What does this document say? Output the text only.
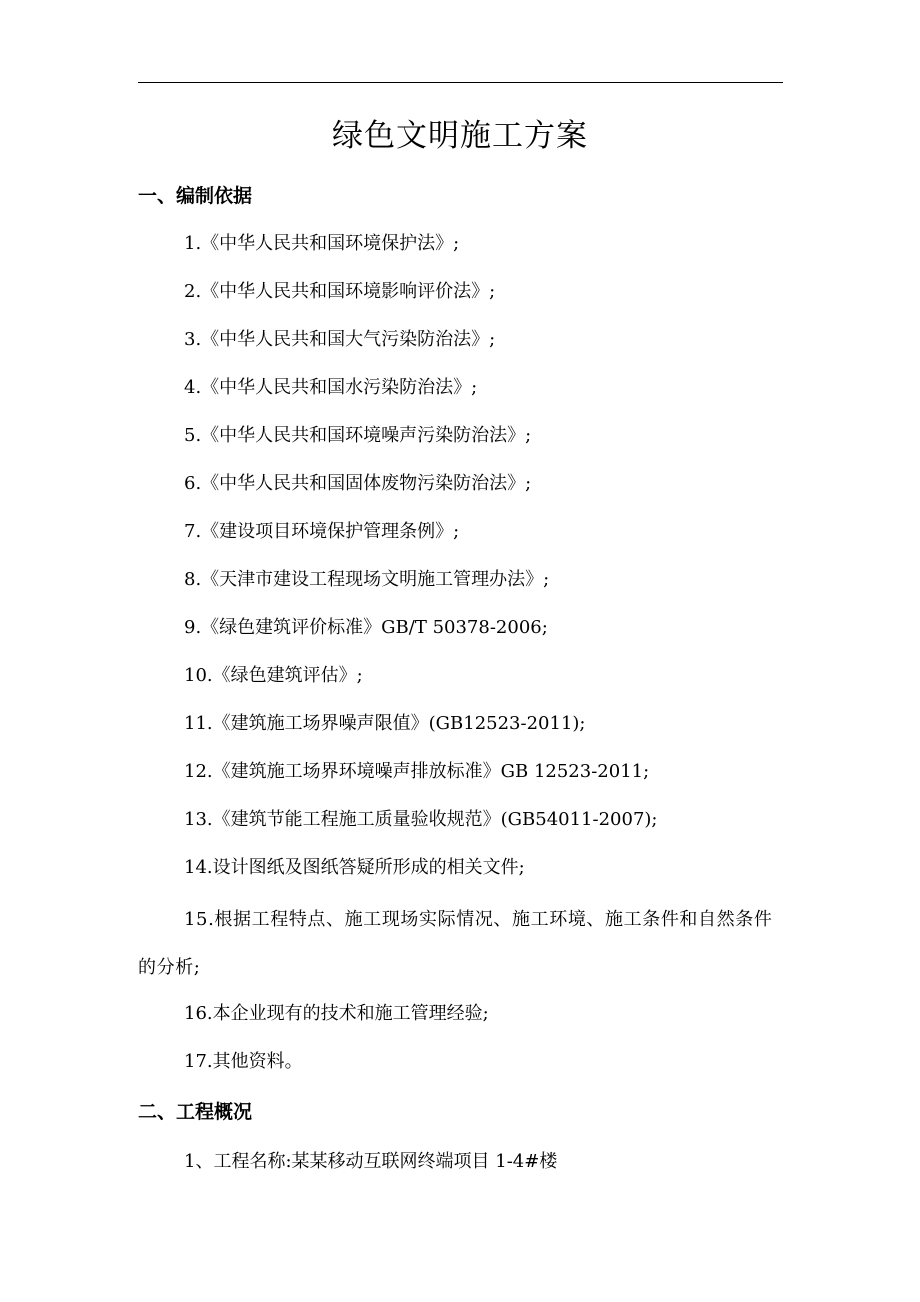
绿色文明施工方案
一、编制依据
1.《中华人民共和国环境保护法》;
2.《中华人民共和国环境影响评价法》;
3.《中华人民共和国大气污染防治法》;
4.《中华人民共和国水污染防治法》;
5.《中华人民共和国环境噪声污染防治法》;
6.《中华人民共和国固体废物污染防治法》;
7.《建设项目环境保护管理条例》;
8.《天津市建设工程现场文明施工管理办法》;
9.《绿色建筑评价标准》GB/T 50378-2006;
10.《绿色建筑评估》;
11.《建筑施工场界噪声限值》(GB12523-2011);
12.《建筑施工场界环境噪声排放标准》GB 12523-2011;
13.《建筑节能工程施工质量验收规范》(GB54011-2007);
14.设计图纸及图纸答疑所形成的相关文件;
15.根据工程特点、施工现场实际情况、施工环境、施工条件和自然条件的分析;
16.本企业现有的技术和施工管理经验;
17.其他资料。
二、工程概况
1、工程名称:某某移动互联网终端项目 1-4#楼
